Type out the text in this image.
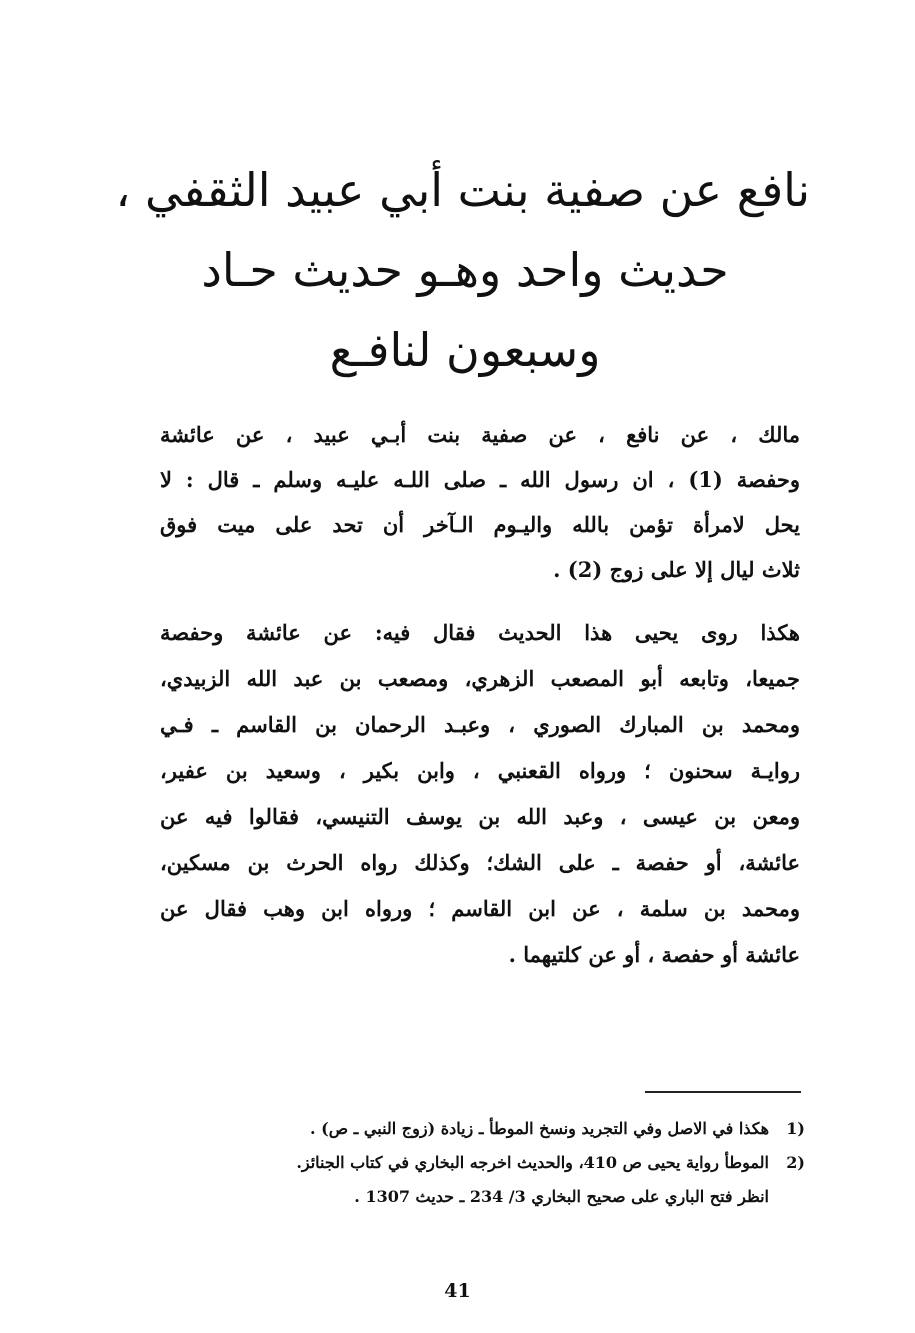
نافع عن صفية بنت أبي عبيد الثقفي ،
حديث واحد وهـو حديث حـاد
وسبعون لنافـع

مالك ، عن نافع ، عن صفية بنت أبـي عبيد ، عن عائشة
وحفصة (1) ، ان رسول الله ـ صلى اللـه عليـه وسلم ـ قال : لا
يحل لامرأة تؤمن بالله واليـوم الـآخر أن تحد على ميت فوق
ثلاث ليال إلا على زوج (2) .

هكذا روى يحيى هذا الحديث فقال فيه: عن عائشة وحفصة
جميعا، وتابعه أبو المصعب الزهري، ومصعب بن عبد الله الزبيدي،
ومحمد بن المبارك الصوري ، وعبـد الرحمان بن القاسم ـ فـي
روايـة سحنون ؛ ورواه القعنبي ، وابن بكير ، وسعيد بن عفير،
ومعن بن عيسى ، وعبد الله بن يوسف التنيسي، فقالوا فيه عن
عائشة، أو حفصة ـ على الشك؛ وكذلك رواه الحرث بن مسكين،
ومحمد بن سلمة ، عن ابن القاسم ؛ ورواه ابن وهب فقال عن
عائشة أو حفصة ، أو عن كلتيهما .

1)هكذا في الاصل وفي التجريد ونسخ الموطأ ـ زيادة (زوج النبي ـ ص) .
2)الموطأ رواية يحيى ص 410، والحديث اخرجه البخاري في كتاب الجنائز.
انظر فتح الباري على صحيح البخاري 3/ 234 ـ حديث 1307 .
41
